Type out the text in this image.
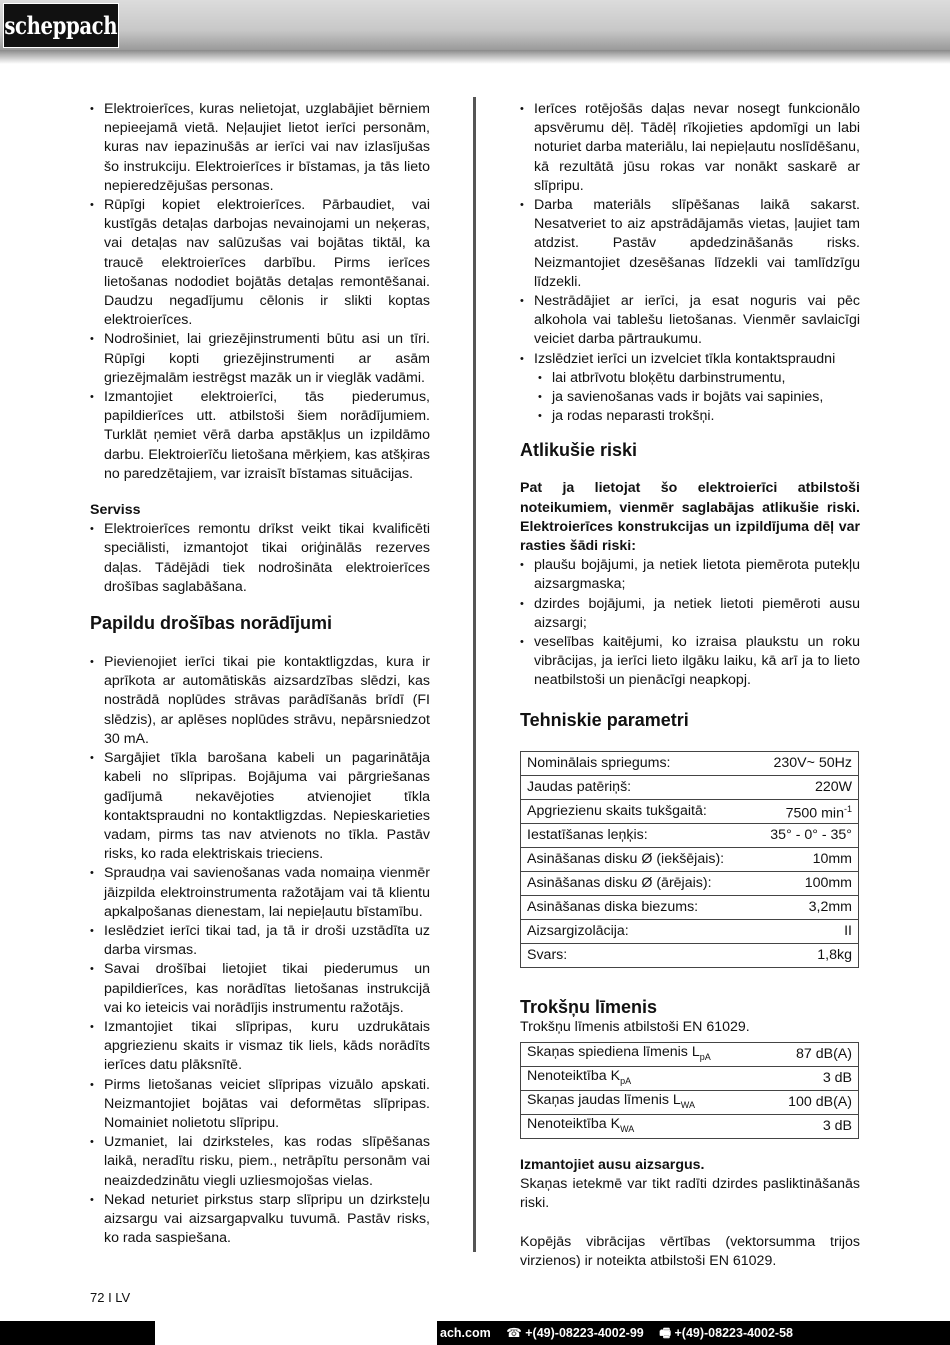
scheppach
• Elektroierīces, kuras nelietojat, uzglabājiet bērniem nepieejamā vietā. Neļaujiet lietot ierīci personām, kuras nav iepazinušās ar ierīci vai nav izlasījušas šo instrukciju. Elektroierīces ir bīstamas, ja tās lieto nepieredzējušas personas.
• Rūpīgi kopiet elektroierīces. Pārbaudiet, vai kustīgās detaļas darbojas nevainojami un neķeras, vai detaļas nav salūzušas vai bojātas tiktāl, ka traucē elektroierīces darbību. Pirms ierīces lietošanas nododiet bojātās detaļas remontēšanai. Daudzu negadījumu cēlonis ir slikti koptas elektroierīces.
• Nodrošiniet, lai griezējinstrumenti būtu asi un tīri. Rūpīgi kopti griezējinstrumenti ar asām griezējmalām iestrēgst mazāk un ir vieglāk vadāmi.
• Izmantojiet elektroierīci, tās piederumus, papildierīces utt. atbilstoši šiem norādījumiem. Turklāt ņemiet vērā darba apstākļus un izpildāmo darbu. Elektroierīču lietošana mērķiem, kas atšķiras no paredzētajiem, var izraisīt bīstamas situācijas.

Serviss

• Elektroierīces remontu drīkst veikt tikai kvalificēti speciālisti, izmantojot tikai oriģinālās rezerves daļas. Tādējādi tiek nodrošināta elektroierīces drošības saglabāšana.
Papildu drošības norādījumi
• Pievienojiet ierīci tikai pie kontaktligzdas, kura ir aprīkota ar automātiskās aizsardzības slēdzi, kas nostrādā noplūdes strāvas parādīšanās brīdī (FI slēdzis), ar aplēses noplūdes strāvu, nepārsniedzot 30 mA.
• Sargājiet tīkla barošana kabeli un pagarinātāja kabeli no slīpripas. Bojājuma vai pārgriešanas gadījumā nekavējoties atvienojiet tīkla kontaktspraudni no kontaktligzdas. Nepieskarieties vadam, pirms tas nav atvienots no tīkla. Pastāv risks, ko rada elektriskais trieciens.
• Spraudņa vai savienošanas vada nomaiņa vienmēr jāizpilda elektroinstrumenta ražotājam vai tā klientu apkalpošanas dienestam, lai nepieļautu bīstamību.
• Ieslēdziet ierīci tikai tad, ja tā ir droši uzstādīta uz darba virsmas.
• Savai drošībai lietojiet tikai piederumus un papildierīces, kas norādītas lietošanas instrukcijā vai ko ieteicis vai norādījis instrumentu ražotājs.
• Izmantojiet tikai slīpripas, kuru uzdrukātais apgriezienu skaits ir vismaz tik liels, kāds norādīts ierīces datu plāksnītē.
• Pirms lietošanas veiciet slīpripas vizuālo apskati. Neizmantojiet bojātas vai deformētas slīpripas. Nomainiet nolietotu slīpripu.
• Uzmaniet, lai dzirksteles, kas rodas slīpēšanas laikā, neradītu risku, piem., netrāpītu personām vai neaizdedzinātu viegli uzliesmojošas vielas.
• Nekad neturiet pirkstus starp slīpripu un dzirksteļu aizsargu vai aizsargapvalku tuvumā. Pastāv risks, ko rada saspiešana.
• Ierīces rotējošās daļas nevar nosegt funkcionālo apsvērumu dēļ. Tādēļ rīkojieties apdomīgi un labi noturiet darba materiālu, lai nepieļautu noslīdēšanu, kā rezultātā jūsu rokas var nonākt saskarē ar slīpripu.
• Darba materiāls slīpēšanas laikā sakarst. Nesatveriet to aiz apstrādājamās vietas, ļaujiet tam atdzist. Pastāv apdedzināšanās risks. Neizmantojiet dzesēšanas līdzekli vai tamlīdzīgu līdzekli.
• Nestrādājiet ar ierīci, ja esat noguris vai pēc alkohola vai tablešu lietošanas. Vienmēr savlaicīgi veiciet darba pārtraukumu.
• Izslēdziet ierīci un izvelciet tīkla kontaktspraudni
• lai atbrīvotu bloķētu darbinstrumentu,
• ja savienošanas vads ir bojāts vai sapinies,
• ja rodas neparasti trokšņi.
Atlikušie riski

Pat ja lietojat šo elektroierīci atbilstoši noteikumiem, vienmēr saglabājas atlikušie riski. Elektroierīces konstrukcijas un izpildījuma dēļ var rasties šādi riski:

• plaušu bojājumi, ja netiek lietota piemērota putekļu aizsargmaska;
• dzirdes bojājumi, ja netiek lietoti piemēroti ausu aizsargi;
• veselības kaitējumi, ko izraisa plaukstu un roku vibrācijas, ja ierīci lieto ilgāku laiku, kā arī ja to lieto neatbilstoši un pienācīgi neapkopj.
Tehniskie parametri
Nominālais spriegums:	230V~ 50Hz
Jaudas patēriņš:	220W
Apgriezienu skaits tukšgaitā:	7500 $\min^{-1}$
Iestatīšanas leņķis:	35° - 0° - 35°
Asināšanas disku Ø (iekšējais):	10mm
Asināšanas disku Ø (ārējais):	100mm
Asināšanas diska biezums:	3,2mm
Aizsargizolācija:	II
Svars:	1,8kg
Trokšņu līmenis

Trokšņu līmenis atbilstoši EN 61029.

Skaņas spiediena līmenis $L_{pA}$	87 dB(A)
Nenoteiktība $K_{pA}$	3 dB
Skaņas jaudas līmenis $L_{WA}$	100 dB(A)
Nenoteiktība $K_{WA}$	3 dB

Izmantojiet ausu aizsargus.

Skaņas ietekmē var tikt radīti dzirdes pasliktināšanās riski.

Kopējās vibrācijas vērtības (vektorsumma trijos virzienos) ir noteikta atbilstoši EN 61029.

72 I LV
ach.com ☎ +(49)-08223-4002-99 🖷 +(49)-08223-4002-58
